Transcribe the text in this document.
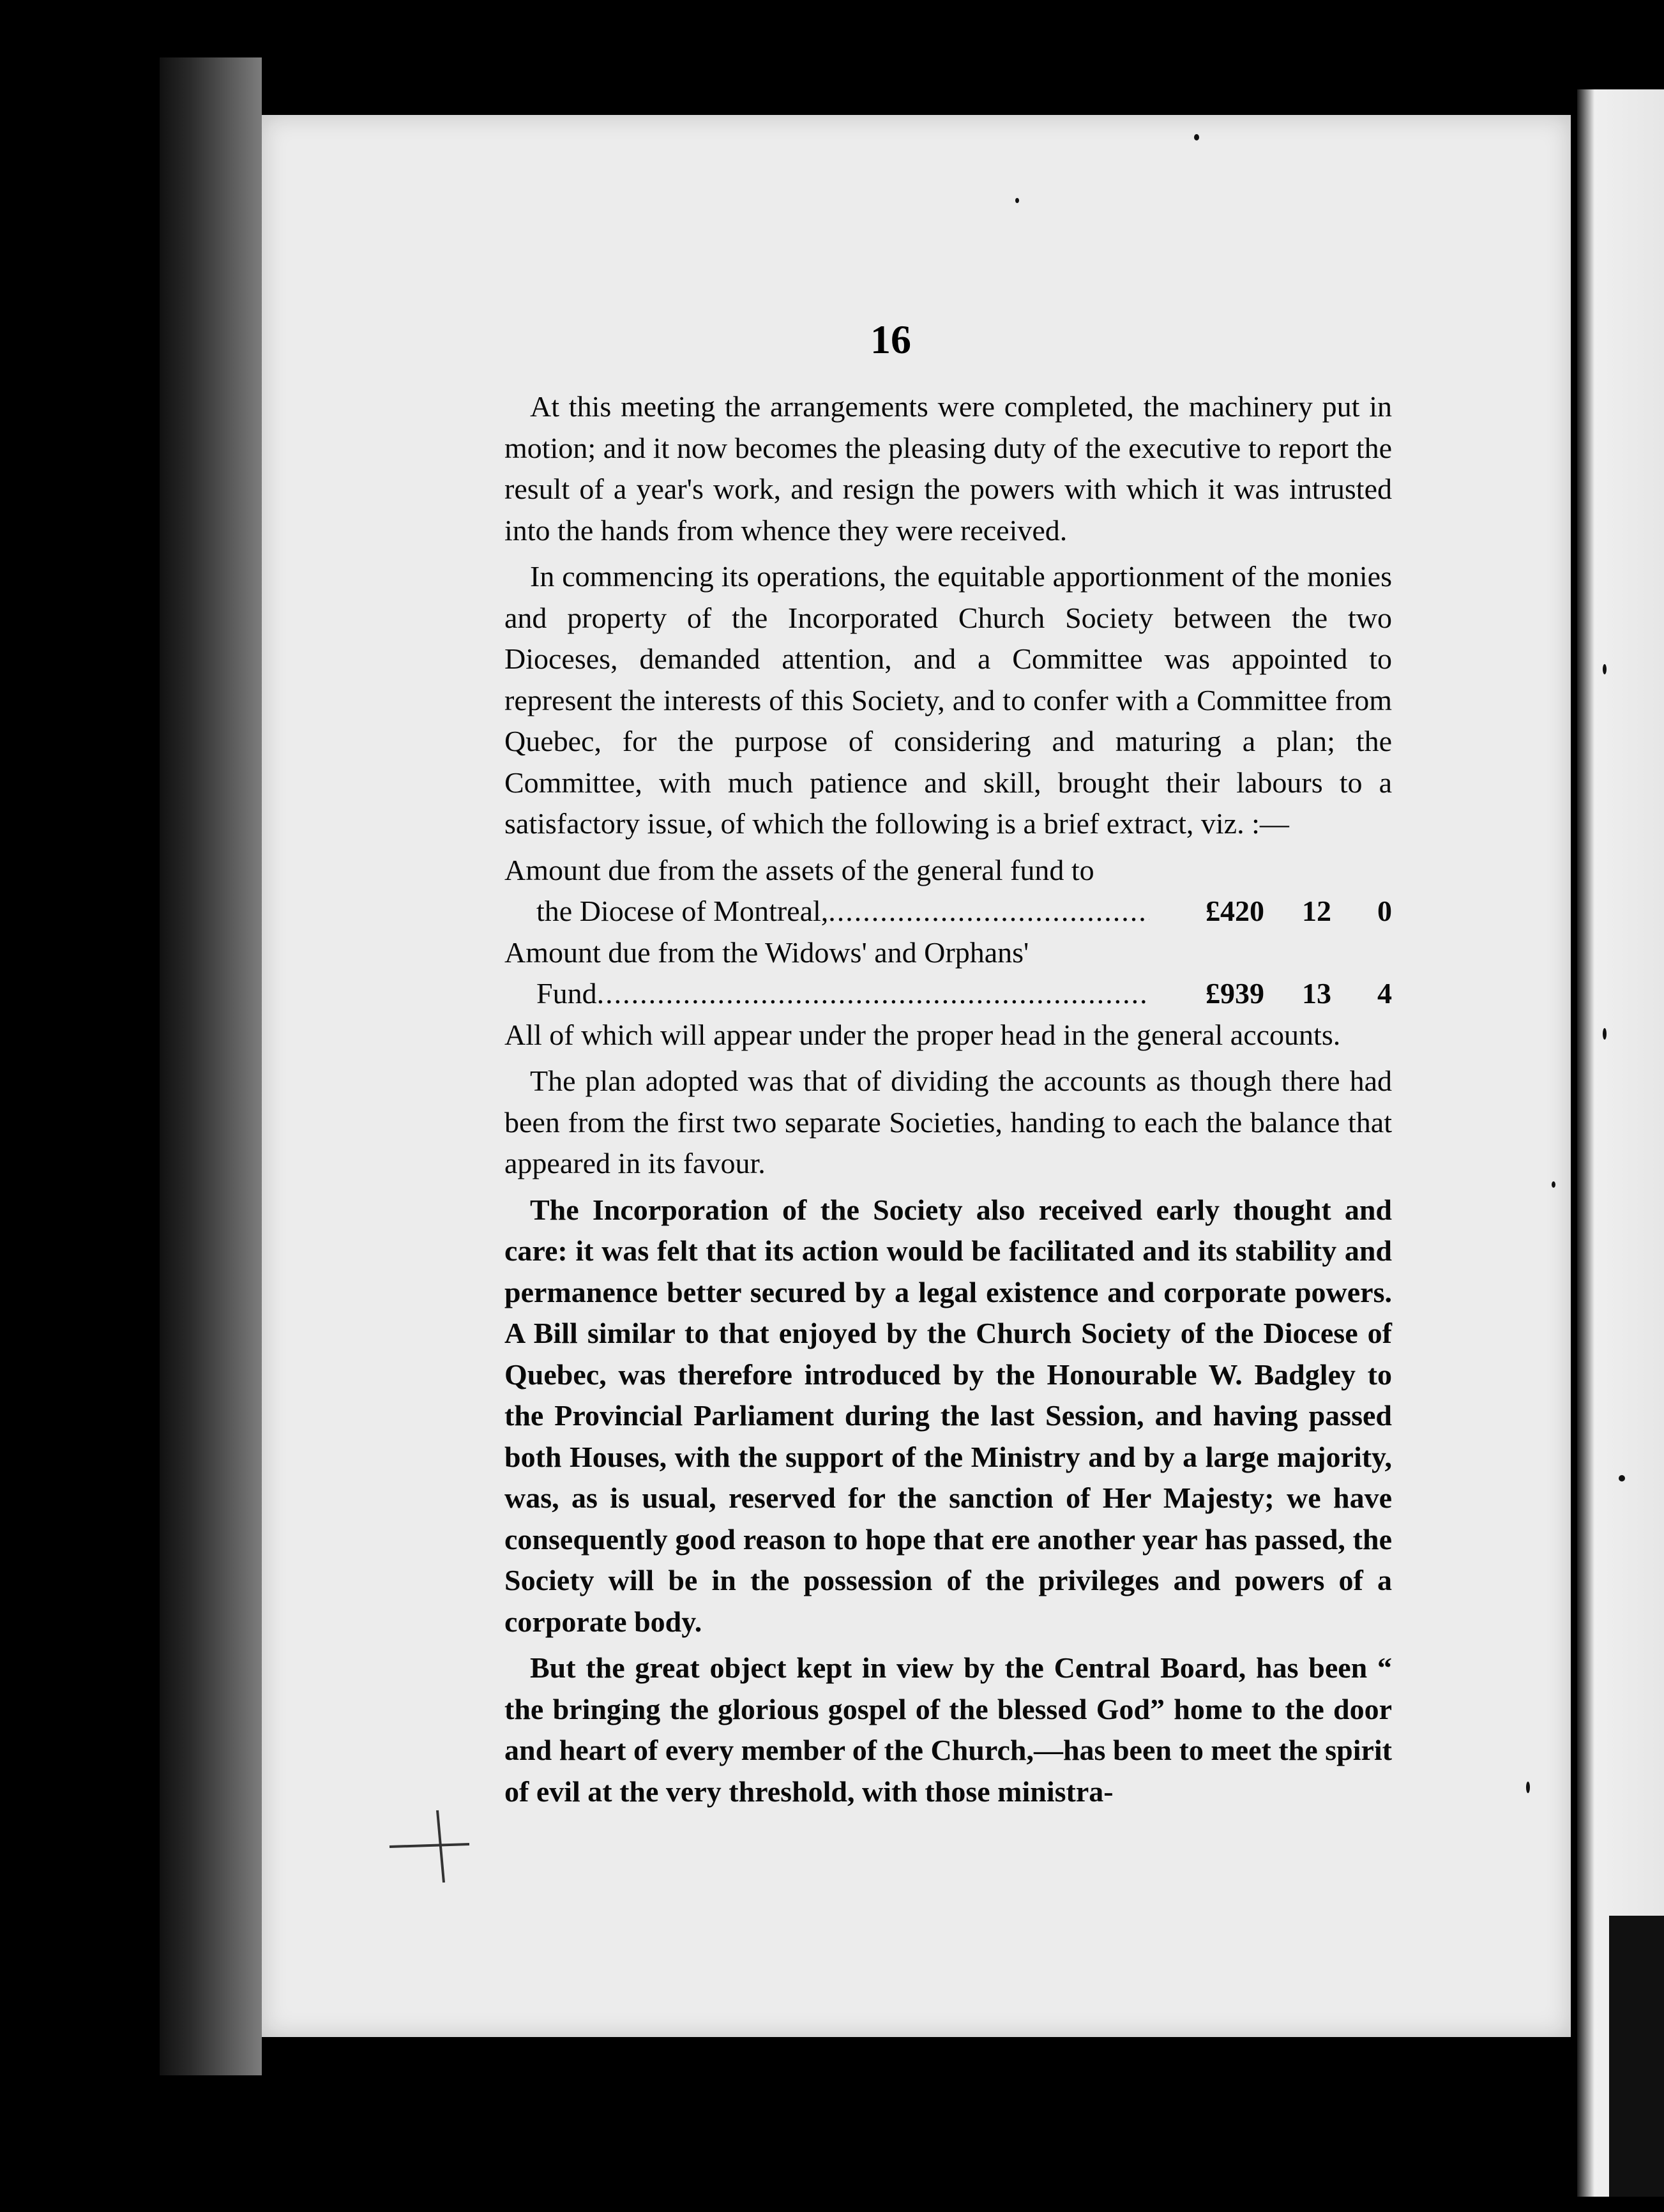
16

At this meeting the arrangements were completed, the machinery put in motion; and it now becomes the pleasing duty of the executive to report the result of a year's work, and resign the powers with which it was intrusted into the hands from whence they were received.

In commencing its operations, the equitable apportionment of the monies and property of the Incorporated Church Society between the two Dioceses, demanded attention, and a Committee was appointed to represent the interests of this Society, and to confer with a Committee from Quebec, for the purpose of considering and maturing a plan; the Committee, with much patience and skill, brought their labours to a satisfactory issue, of which the following is a brief extract, viz. :—

Amount due from the assets of the general fund to
the Diocese of Montreal, .....	£420 12 0
Amount due from the Widows' and Orphans'
Fund .....	£939 13 4

All of which will appear under the proper head in the general accounts.

The plan adopted was that of dividing the accounts as though there had been from the first two separate Societies, handing to each the balance that appeared in its favour.

The Incorporation of the Society also received early thought and care: it was felt that its action would be facilitated and its stability and permanence better secured by a legal existence and corporate powers. A Bill similar to that enjoyed by the Church Society of the Diocese of Quebec, was therefore introduced by the Honourable W. Badgley to the Provincial Parliament during the last Session, and having passed both Houses, with the support of the Ministry and by a large majority, was, as is usual, reserved for the sanction of Her Majesty; we have consequently good reason to hope that ere another year has passed, the Society will be in the possession of the privileges and powers of a corporate body.

But the great object kept in view by the Central Board, has been “ the bringing the glorious gospel of the blessed God” home to the door and heart of every member of the Church,—has been to meet the spirit of evil at the very threshold, with those ministra-
